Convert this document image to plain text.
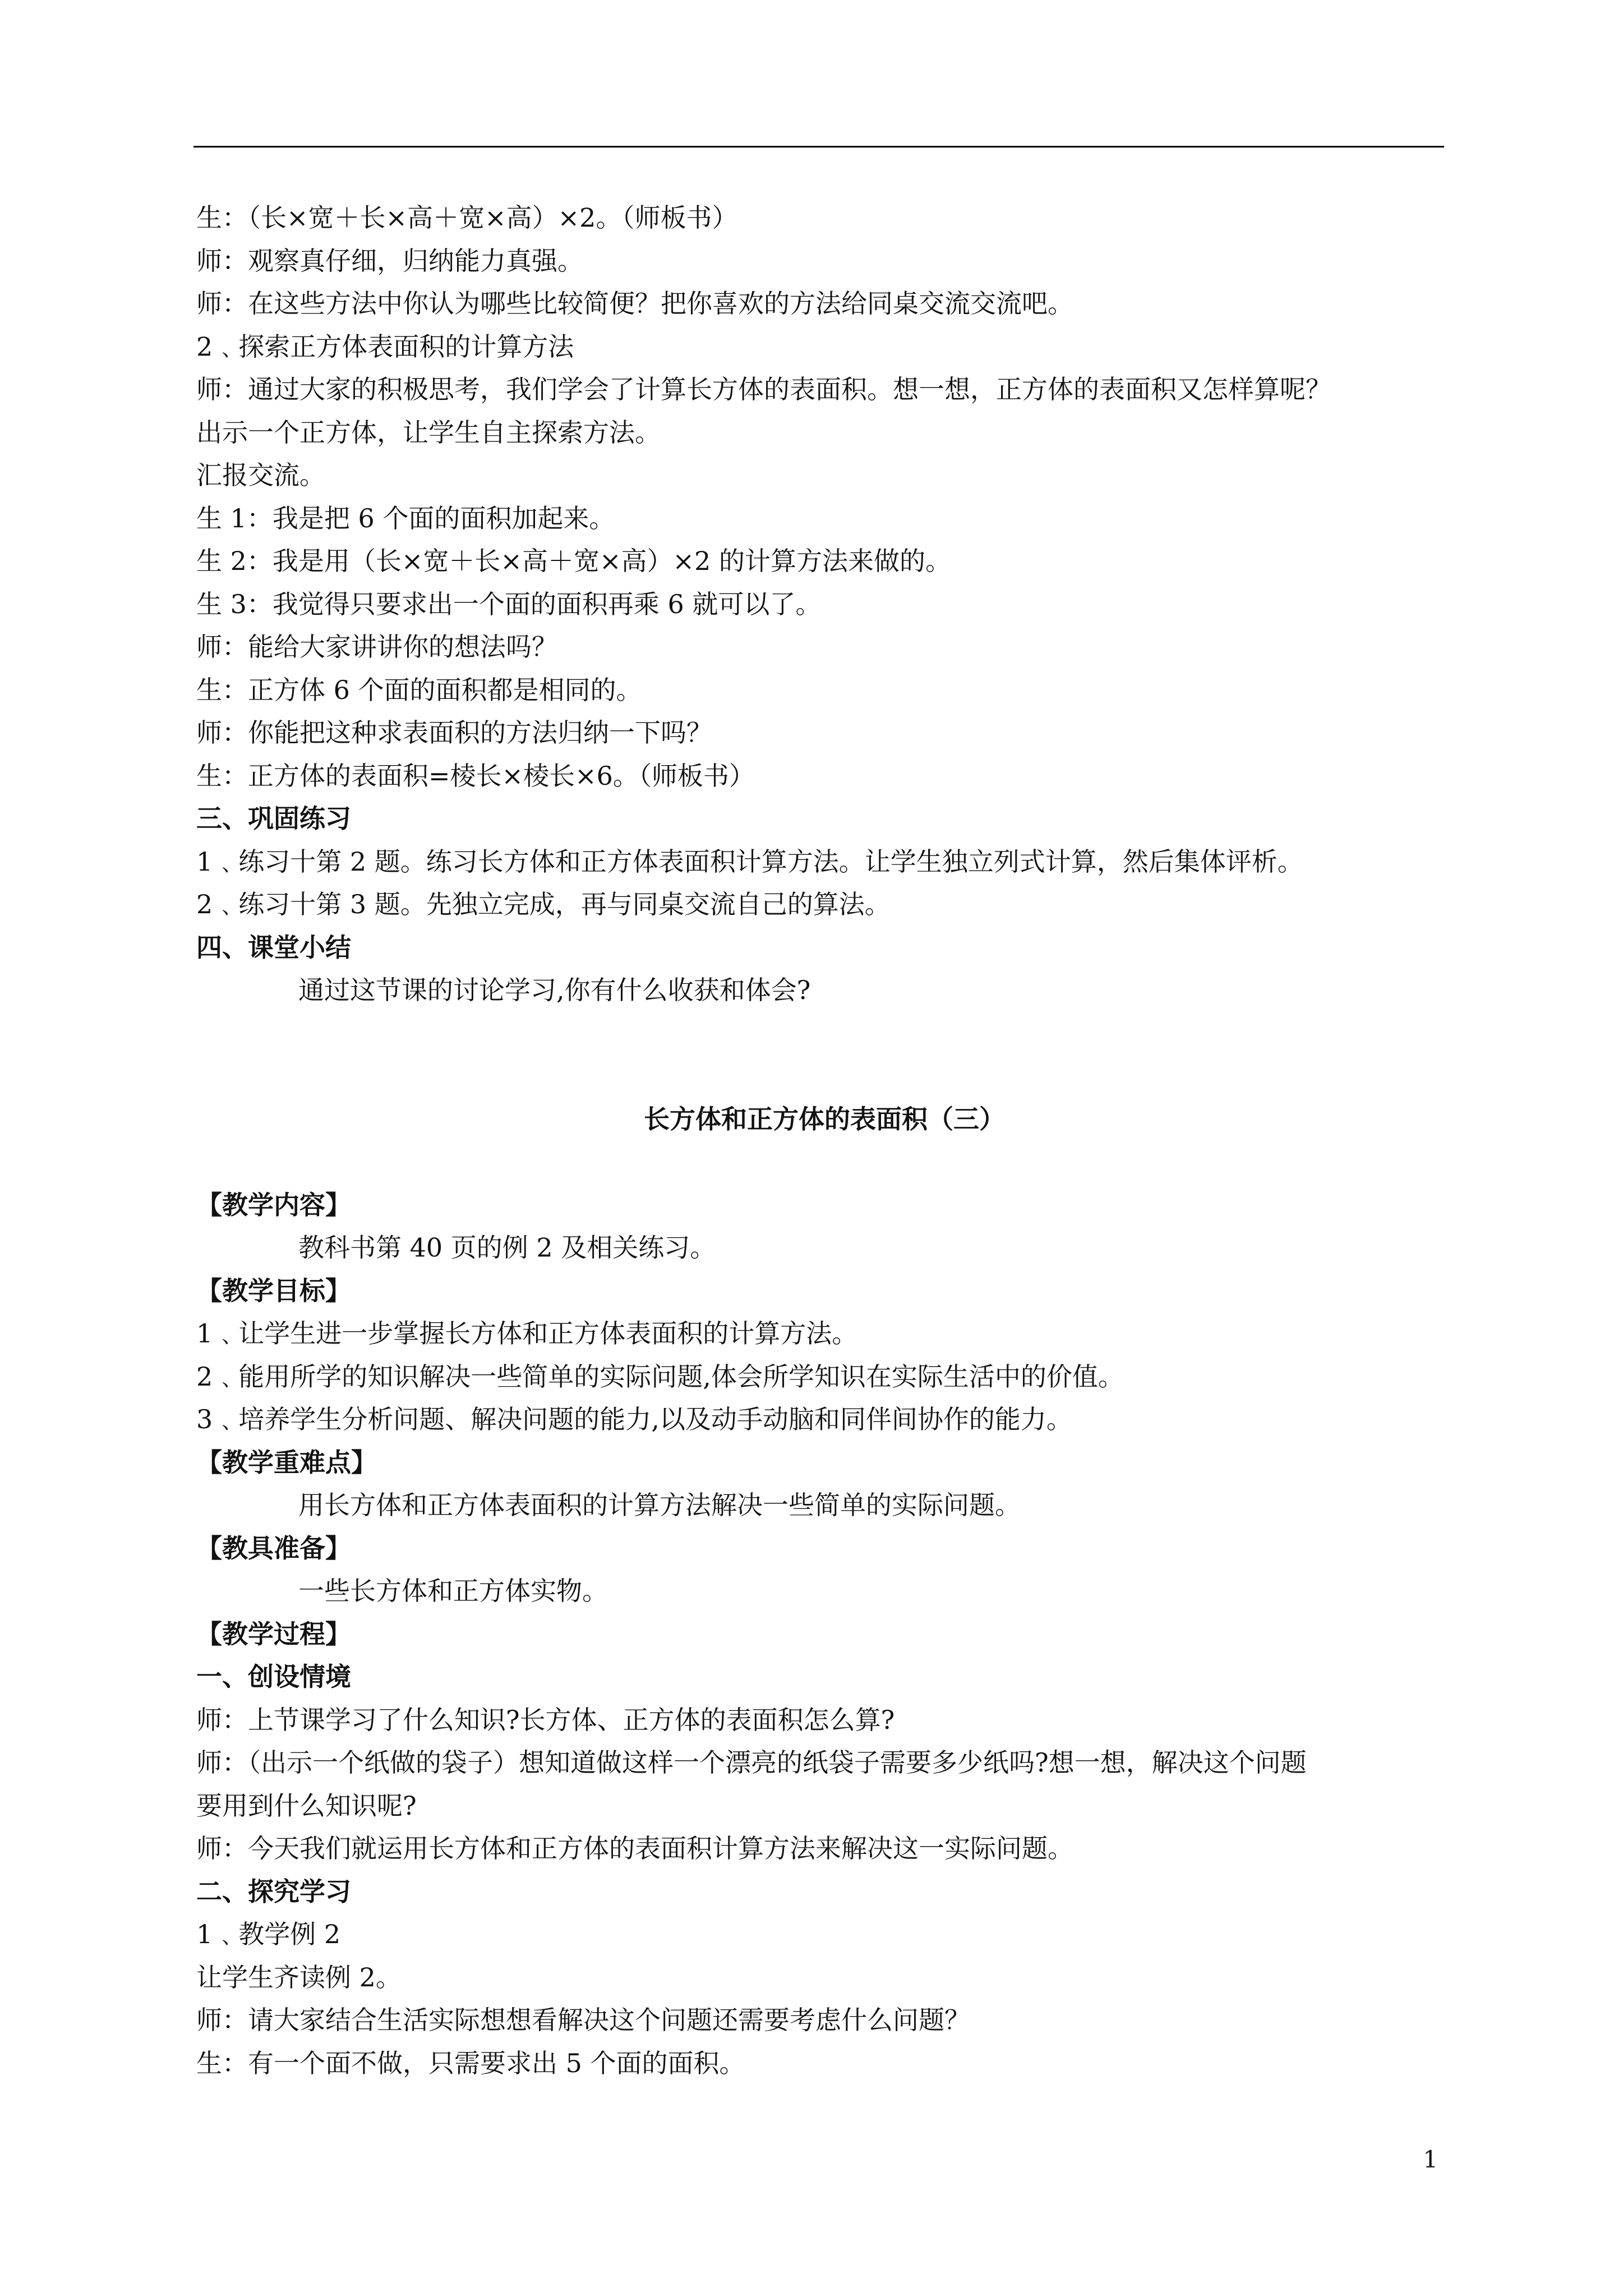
生：（长×宽＋长×高＋宽×高）×2。（师板书）
师：观察真仔细，归纳能力真强。
师：在这些方法中你认为哪些比较简便？把你喜欢的方法给同桌交流交流吧。
2﹑探索正方体表面积的计算方法
师：通过大家的积极思考，我们学会了计算长方体的表面积。想一想，正方体的表面积又怎样算呢？
出示一个正方体，让学生自主探索方法。
汇报交流。
生 1：我是把 6 个面的面积加起来。
生 2：我是用（长×宽＋长×高＋宽×高）×2 的计算方法来做的。
生 3：我觉得只要求出一个面的面积再乘 6 就可以了。
师：能给大家讲讲你的想法吗？
生：正方体 6 个面的面积都是相同的。
师：你能把这种求表面积的方法归纳一下吗？
生：正方体的表面积=棱长×棱长×6。（师板书）
三、巩固练习
1﹑练习十第 2 题。练习长方体和正方体表面积计算方法。让学生独立列式计算，然后集体评析。
2﹑练习十第 3 题。先独立完成，再与同桌交流自己的算法。
四、课堂小结
通过这节课的讨论学习,你有什么收获和体会?
长方体和正方体的表面积（三）
【教学内容】
教科书第 40 页的例 2 及相关练习。
【教学目标】
1﹑让学生进一步掌握长方体和正方体表面积的计算方法。
2﹑能用所学的知识解决一些简单的实际问题,体会所学知识在实际生活中的价值。
3﹑培养学生分析问题、解决问题的能力,以及动手动脑和同伴间协作的能力。
【教学重难点】
用长方体和正方体表面积的计算方法解决一些简单的实际问题。
【教具准备】
一些长方体和正方体实物。
【教学过程】
一、创设情境
师：上节课学习了什么知识?长方体、正方体的表面积怎么算?
师：（出示一个纸做的袋子）想知道做这样一个漂亮的纸袋子需要多少纸吗?想一想，解决这个问题
要用到什么知识呢?
师：今天我们就运用长方体和正方体的表面积计算方法来解决这一实际问题。
二、探究学习
1﹑教学例 2
让学生齐读例 2。
师：请大家结合生活实际想想看解决这个问题还需要考虑什么问题？
生：有一个面不做，只需要求出 5 个面的面积。
1
